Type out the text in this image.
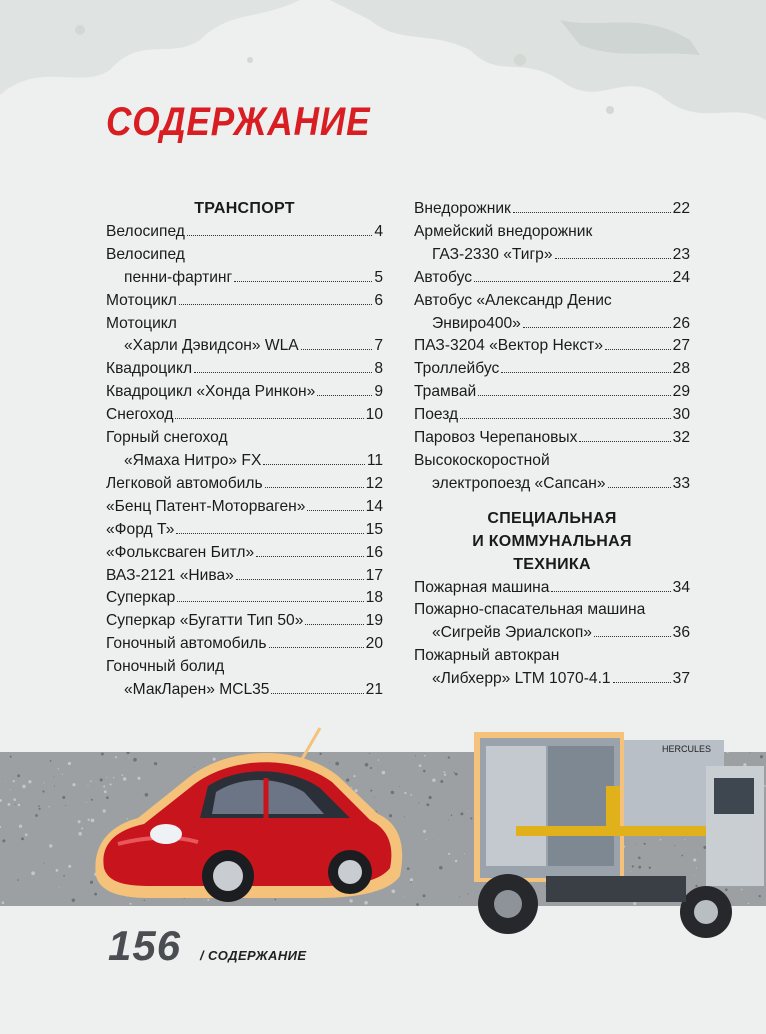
СОДЕРЖАНИЕ
ТРАНСПОРТ
Велосипед	4
Велосипед
пенни-фартинг	5
Мотоцикл	6
Мотоцикл
«Харли Дэвидсон» WLA	7
Квадроцикл	8
Квадроцикл «Хонда Ринкон»	9
Снегоход	10
Горный снегоход
«Ямаха Нитро» FX	11
Легковой автомобиль	12
«Бенц Патент-Моторваген»	14
«Форд Т»	15
«Фольксваген Битл»	16
ВАЗ-2121 «Нива»	17
Суперкар	18
Суперкар «Бугатти Тип 50»	19
Гоночный автомобиль	20
Гоночный болид
«МакЛарен» MCL35	21
Внедорожник	22
Армейский внедорожник
ГАЗ-2330 «Тигр»	23
Автобус	24
Автобус «Александр Денис
Энвиро400»	26
ПАЗ-3204 «Вектор Некст»	27
Троллейбус	28
Трамвай	29
Поезд	30
Паровоз Черепановых	32
Высокоскоростной
электропоезд «Сапсан»	33
СПЕЦИАЛЬНАЯ
И КОММУНАЛЬНАЯ
ТЕХНИКА
Пожарная машина	34
Пожарно-спасательная машина
«Сигрейв Эриалскоп»	36
Пожарный автокран
«Либхерр» LTM 1070-4.1	37
HERCULES
156 / СОДЕРЖАНИЕ
